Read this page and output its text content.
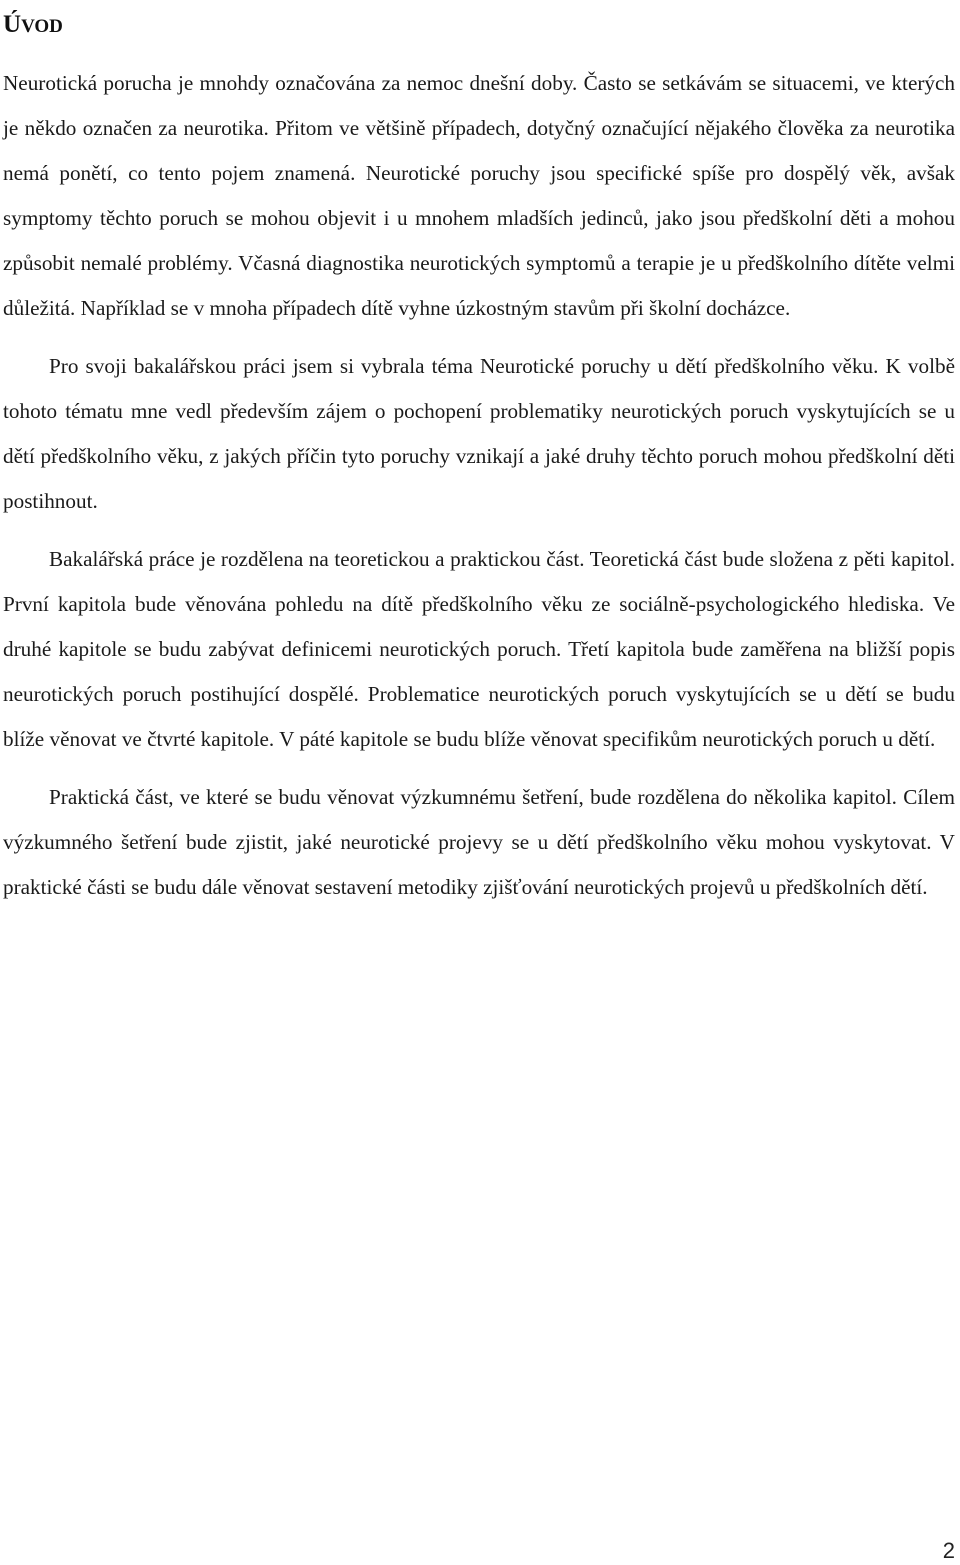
ÚVOD

Neurotická porucha je mnohdy označována za nemoc dnešní doby. Často se setkávám se situacemi, ve kterých je někdo označen za neurotika. Přitom ve většině případech, dotyčný označující nějakého člověka za neurotika nemá ponětí, co tento pojem znamená. Neurotické poruchy jsou specifické spíše pro dospělý věk, avšak symptomy těchto poruch se mohou objevit i u mnohem mladších jedinců, jako jsou předškolní děti a mohou způsobit nemalé problémy. Včasná diagnostika neurotických symptomů a terapie je u předškolního dítěte velmi důležitá. Například se v mnoha případech dítě vyhne úzkostným stavům při školní docházce.

Pro svoji bakalářskou práci jsem si vybrala téma Neurotické poruchy u dětí předškolního věku. K volbě tohoto tématu mne vedl především zájem o pochopení problematiky neurotických poruch vyskytujících se u dětí předškolního věku, z jakých příčin tyto poruchy vznikají a jaké druhy těchto poruch mohou předškolní děti postihnout.

Bakalářská práce je rozdělena na teoretickou a praktickou část. Teoretická část bude složena z pěti kapitol. První kapitola bude věnována pohledu na dítě předškolního věku ze sociálně-psychologického hlediska. Ve druhé kapitole se budu zabývat definicemi neurotických poruch. Třetí kapitola bude zaměřena na bližší popis neurotických poruch postihující dospělé. Problematice neurotických poruch vyskytujících se u dětí se budu blíže věnovat ve čtvrté kapitole. V páté kapitole se budu blíže věnovat specifikům neurotických poruch u dětí.

Praktická část, ve které se budu věnovat výzkumnému šetření, bude rozdělena do několika kapitol. Cílem výzkumného šetření bude zjistit, jaké neurotické projevy se u dětí předškolního věku mohou vyskytovat. V praktické části se budu dále věnovat sestavení metodiky zjišťování neurotických projevů u předškolních dětí.

2
